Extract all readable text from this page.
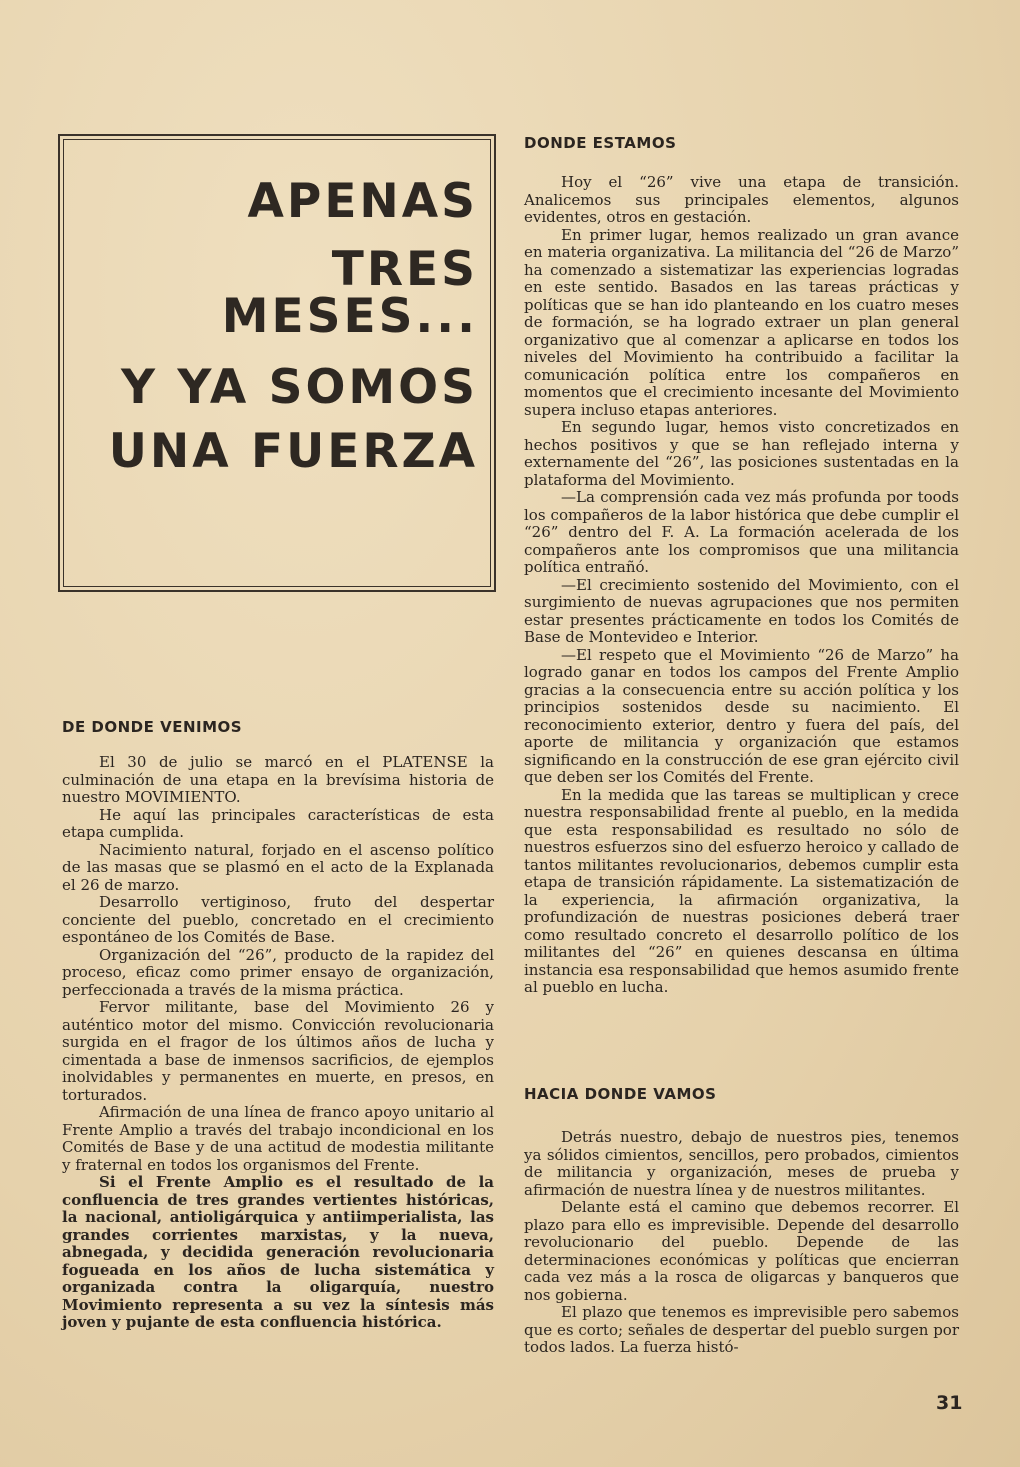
APENAS
TRES MESES...
Y YA SOMOS
UNA FUERZA
DE DONDE VENIMOS

El 30 de julio se marcó en el PLATENSE la culminación de una etapa en la brevísima historia de nuestro MOVIMIENTO.

He aquí las principales características de esta etapa cumplida.

Nacimiento natural, forjado en el ascenso político de las masas que se plasmó en el acto de la Explanada el 26 de marzo.

Desarrollo vertiginoso, fruto del despertar conciente del pueblo, concretado en el crecimiento espontáneo de los Comités de Base.

Organización del “26”, producto de la rapidez del proceso, eficaz como primer ensayo de organización, perfeccionada a través de la misma práctica.

Fervor militante, base del Movimiento 26 y auténtico motor del mismo. Convicción revolucionaria surgida en el fragor de los últimos años de lucha y cimentada a base de inmensos sacrificios, de ejemplos inolvidables y permanentes en muerte, en presos, en torturados.

Afirmación de una línea de franco apoyo unitario al Frente Amplio a través del trabajo incondicional en los Comités de Base y de una actitud de modestia militante y fraternal en todos los organismos del Frente.

Si el Frente Amplio es el resultado de la confluencia de tres grandes vertientes históricas, la nacional, antioligárquica y antiimperialista, las grandes corrientes marxistas, y la nueva, abnegada, y decidida generación revolucionaria fogueada en los años de lucha sistemática y organizada contra la oligarquía, nuestro Movimiento representa a su vez la síntesis más joven y pujante de esta confluencia histórica.

DONDE ESTAMOS

Hoy el “26” vive una etapa de transición. Analicemos sus principales elementos, algunos evidentes, otros en gestación.

En primer lugar, hemos realizado un gran avance en materia organizativa. La militancia del “26 de Marzo” ha comenzado a sistematizar las experiencias logradas en este sentido. Basados en las tareas prácticas y políticas que se han ido planteando en los cuatro meses de formación, se ha logrado extraer un plan general organizativo que al comenzar a aplicarse en todos los niveles del Movimiento ha contribuido a facilitar la comunicación política entre los compañeros en momentos que el crecimiento incesante del Movimiento supera incluso etapas anteriores.

En segundo lugar, hemos visto concretizados en hechos positivos y que se han reflejado interna y externamente del “26”, las posiciones sustentadas en la plataforma del Movimiento.

—La comprensión cada vez más profunda por toods los compañeros de la labor histórica que debe cumplir el “26” dentro del F. A. La formación acelerada de los compañeros ante los compromisos que una militancia política entrañó.

—El crecimiento sostenido del Movimiento, con el surgimiento de nuevas agrupaciones que nos permiten estar presentes prácticamente en todos los Comités de Base de Montevideo e Interior.

—El respeto que el Movimiento “26 de Marzo” ha logrado ganar en todos los campos del Frente Amplio gracias a la consecuencia entre su acción política y los principios sostenidos desde su nacimiento. El reconocimiento exterior, dentro y fuera del país, del aporte de militancia y organización que estamos significando en la construcción de ese gran ejército civil que deben ser los Comités del Frente.

En la medida que las tareas se multiplican y crece nuestra responsabilidad frente al pueblo, en la medida que esta responsabilidad es resultado no sólo de nuestros esfuerzos sino del esfuerzo heroico y callado de tantos militantes revolucionarios, debemos cumplir esta etapa de transición rápidamente. La sistematización de la experiencia, la afirmación organizativa, la profundización de nuestras posiciones deberá traer como resultado concreto el desarrollo político de los militantes del “26” en quienes descansa en última instancia esa responsabilidad que hemos asumido frente al pueblo en lucha.

HACIA DONDE VAMOS

Detrás nuestro, debajo de nuestros pies, tenemos ya sólidos cimientos, sencillos, pero probados, cimientos de militancia y organización, meses de prueba y afirmación de nuestra línea y de nuestros militantes.

Delante está el camino que debemos recorrer. El plazo para ello es imprevisible. Depende del desarrollo revolucionario del pueblo. Depende de las determinaciones económicas y políticas que encierran cada vez más a la rosca de oligarcas y banqueros que nos gobierna.

El plazo que tenemos es imprevisible pero sabemos que es corto; señales de despertar del pueblo surgen por todos lados. La fuerza histó-

31
